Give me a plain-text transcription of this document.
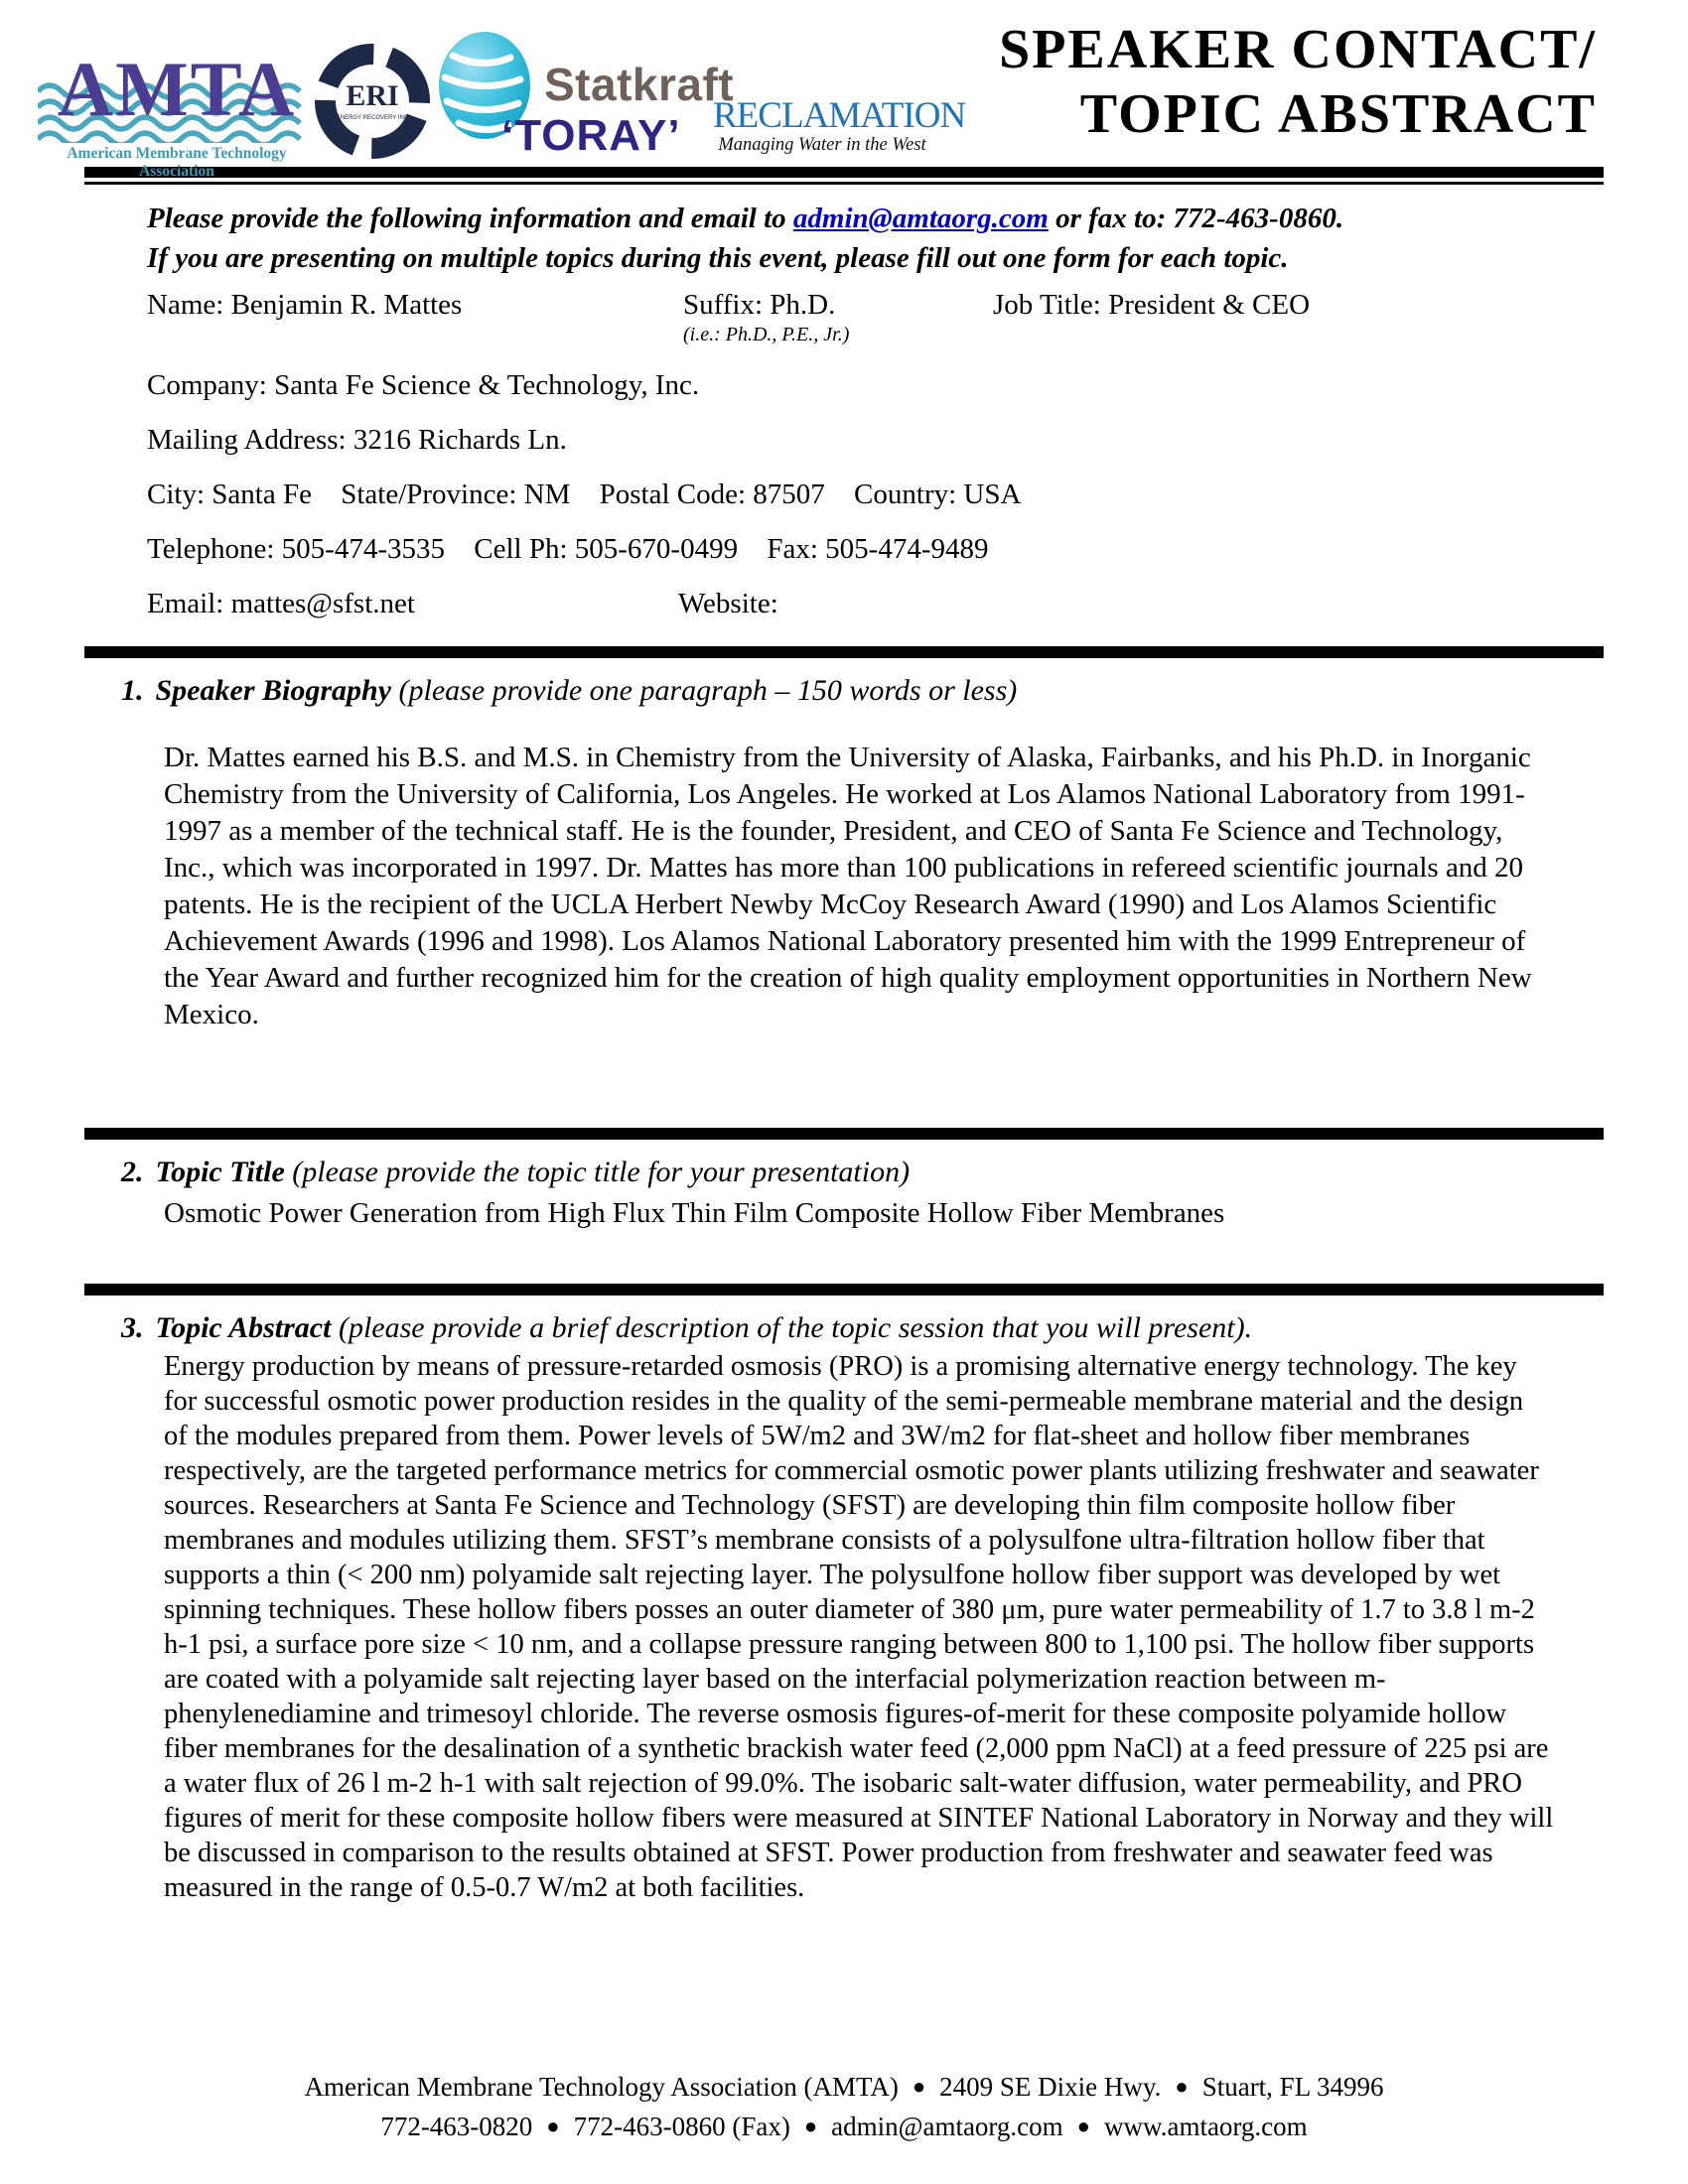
AMTA
American Membrane Technology Association
ERI
ENERGY RECOVERY INC
Statkraft
‘TORAY’ RECLAMATION
Managing Water in the West
SPEAKER CONTACT/
TOPIC ABSTRACT
Please provide the following information and email to admin@amtaorg.com or fax to: 772-463-0860.
If you are presenting on multiple topics during this event, please fill out one form for each topic.
Name: Benjamin R. Mattes	Suffix: Ph.D.	Job Title: President & CEO
(i.e.: Ph.D., P.E., Jr.)
Company: Santa Fe Science & Technology, Inc.
Mailing Address: 3216 Richards Ln.
City: Santa Fe State/Province: NM Postal Code: 87507 Country: USA
Telephone: 505-474-3535 Cell Ph: 505-670-0499 Fax: 505-474-9489
Email: mattes@sfst.net	Website:
1. Speaker Biography (please provide one paragraph – 150 words or less)
Dr. Mattes earned his B.S. and M.S. in Chemistry from the University of Alaska, Fairbanks, and his Ph.D. in Inorganic Chemistry from the University of California, Los Angeles. He worked at Los Alamos National Laboratory from 1991-1997 as a member of the technical staff. He is the founder, President, and CEO of Santa Fe Science and Technology, Inc., which was incorporated in 1997. Dr. Mattes has more than 100 publications in refereed scientific journals and 20 patents. He is the recipient of the UCLA Herbert Newby McCoy Research Award (1990) and Los Alamos Scientific Achievement Awards (1996 and 1998). Los Alamos National Laboratory presented him with the 1999 Entrepreneur of the Year Award and further recognized him for the creation of high quality employment opportunities in Northern New Mexico.
2. Topic Title (please provide the topic title for your presentation)
Osmotic Power Generation from High Flux Thin Film Composite Hollow Fiber Membranes
3. Topic Abstract (please provide a brief description of the topic session that you will present).
Energy production by means of pressure-retarded osmosis (PRO) is a promising alternative energy technology. The key for successful osmotic power production resides in the quality of the semi-permeable membrane material and the design of the modules prepared from them. Power levels of 5W/m2 and 3W/m2 for flat-sheet and hollow fiber membranes respectively, are the targeted performance metrics for commercial osmotic power plants utilizing freshwater and seawater sources. Researchers at Santa Fe Science and Technology (SFST) are developing thin film composite hollow fiber membranes and modules utilizing them. SFST’s membrane consists of a polysulfone ultra-filtration hollow fiber that supports a thin (< 200 nm) polyamide salt rejecting layer. The polysulfone hollow fiber support was developed by wet spinning techniques. These hollow fibers posses an outer diameter of 380 μm, pure water permeability of 1.7 to 3.8 l m-2 h-1 psi, a surface pore size < 10 nm, and a collapse pressure ranging between 800 to 1,100 psi. The hollow fiber supports are coated with a polyamide salt rejecting layer based on the interfacial polymerization reaction between m-phenylenediamine and trimesoyl chloride. The reverse osmosis figures-of-merit for these composite polyamide hollow fiber membranes for the desalination of a synthetic brackish water feed (2,000 ppm NaCl) at a feed pressure of 225 psi are a water flux of 26 l m-2 h-1 with salt rejection of 99.0%. The isobaric salt-water diffusion, water permeability, and PRO figures of merit for these composite hollow fibers were measured at SINTEF National Laboratory in Norway and they will be discussed in comparison to the results obtained at SFST. Power production from freshwater and seawater feed was measured in the range of 0.5-0.7 W/m2 at both facilities.
American Membrane Technology Association (AMTA) ● 2409 SE Dixie Hwy. ● Stuart, FL 34996
772-463-0820 ● 772-463-0860 (Fax) ● admin@amtaorg.com ● www.amtaorg.com
